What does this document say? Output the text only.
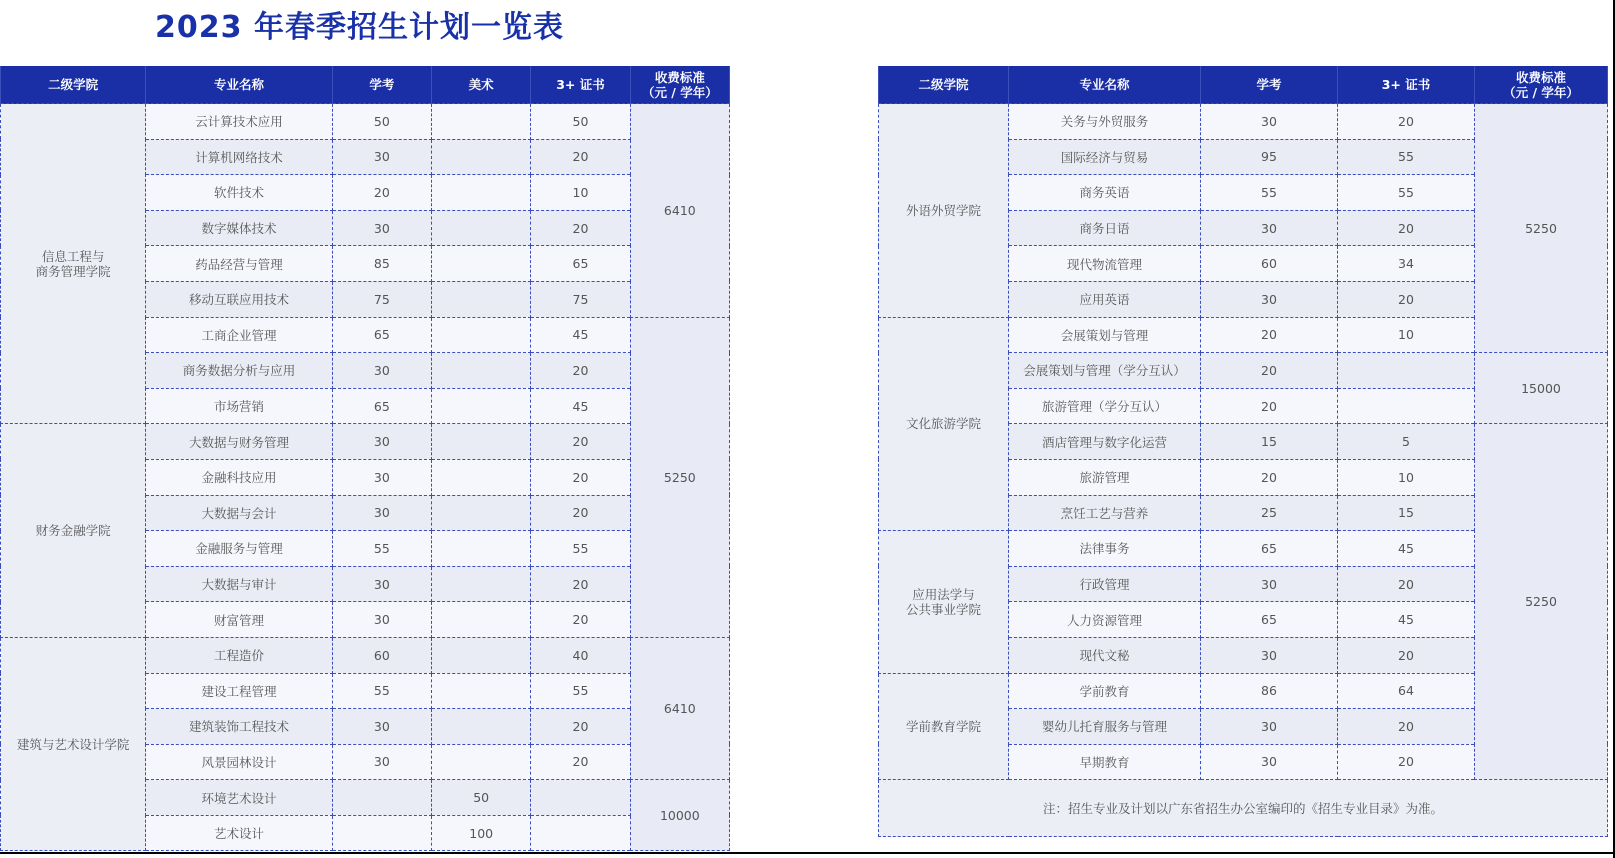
2023 年春季招生计划一览表
二级学院	专业名称	学考	美术	3+ 证书	收费标准
（元 / 学年）
信息工程与
商务管理学院	云计算技术应用	50		50	6410
	计算机网络技术	30		20	
	软件技术	20		10	
	数字媒体技术	30		20	
	药品经营与管理	85		65	
	移动互联应用技术	75		75	
	工商企业管理	65		45	5250
	商务数据分析与应用	30		20	
	市场营销	65		45	
财务金融学院	大数据与财务管理	30		20	
	金融科技应用	30		20	
	大数据与会计	30		20	
	金融服务与管理	55		55	
	大数据与审计	30		20	
	财富管理	30		20	
建筑与艺术设计学院	工程造价	60		40	6410
	建设工程管理	55		55	
	建筑装饰工程技术	30		20	
	风景园林设计	30		20	
	环境艺术设计		50		10000
	艺术设计		100		
二级学院	专业名称	学考	3+ 证书	收费标准
（元 / 学年）
外语外贸学院	关务与外贸服务	30	20	5250
	国际经济与贸易	95	55	
	商务英语	55	55	
	商务日语	30	20	
	现代物流管理	60	34	
	应用英语	30	20	
文化旅游学院	会展策划与管理	20	10	
	会展策划与管理（学分互认）	20		15000
	旅游管理（学分互认）	20		
	酒店管理与数字化运营	15	5	5250
	旅游管理	20	10	
	烹饪工艺与营养	25	15	
应用法学与
公共事业学院	法律事务	65	45	
	行政管理	30	20	
	人力资源管理	65	45	
	现代文秘	30	20	
学前教育学院	学前教育	86	64	
	婴幼儿托育服务与管理	30	20	
	早期教育	30	20	
注：招生专业及计划以广东省招生办公室编印的《招生专业目录》为准。				
